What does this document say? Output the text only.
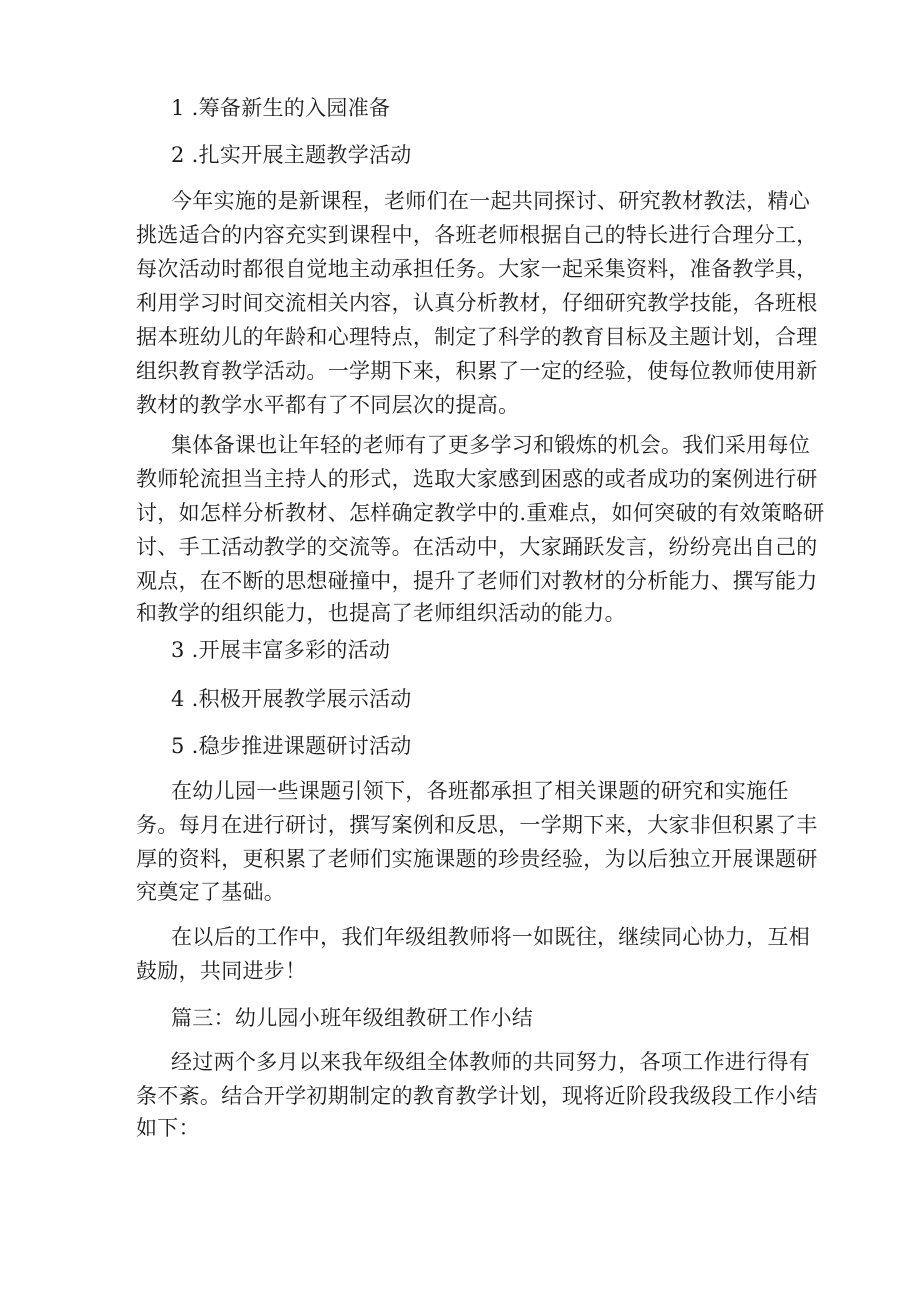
1 .筹备新生的入园准备
2 .扎实开展主题教学活动
今年实施的是新课程，老师们在一起共同探讨、研究教材教法，精心
挑选适合的内容充实到课程中，各班老师根据自己的特长进行合理分工，
每次活动时都很自觉地主动承担任务。大家一起采集资料，准备教学具，
利用学习时间交流相关内容，认真分析教材，仔细研究教学技能，各班根
据本班幼儿的年龄和心理特点，制定了科学的教育目标及主题计划，合理
组织教育教学活动。一学期下来，积累了一定的经验，使每位教师使用新
教材的教学水平都有了不同层次的提高。
集体备课也让年轻的老师有了更多学习和锻炼的机会。我们采用每位
教师轮流担当主持人的形式，选取大家感到困惑的或者成功的案例进行研
讨，如怎样分析教材、怎样确定教学中的.重难点，如何突破的有效策略研
讨、手工活动教学的交流等。在活动中，大家踊跃发言，纷纷亮出自己的
观点，在不断的思想碰撞中，提升了老师们对教材的分析能力、撰写能力
和教学的组织能力，也提高了老师组织活动的能力。
3 .开展丰富多彩的活动
4 .积极开展教学展示活动
5 .稳步推进课题研讨活动
在幼儿园一些课题引领下，各班都承担了相关课题的研究和实施任
务。每月在进行研讨，撰写案例和反思，一学期下来，大家非但积累了丰
厚的资料，更积累了老师们实施课题的珍贵经验，为以后独立开展课题研
究奠定了基础。
在以后的工作中，我们年级组教师将一如既往，继续同心协力，互相
鼓励，共同进步！
篇三：幼儿园小班年级组教研工作小结
经过两个多月以来我年级组全体教师的共同努力，各项工作进行得有
条不紊。结合开学初期制定的教育教学计划，现将近阶段我级段工作小结
如下：
